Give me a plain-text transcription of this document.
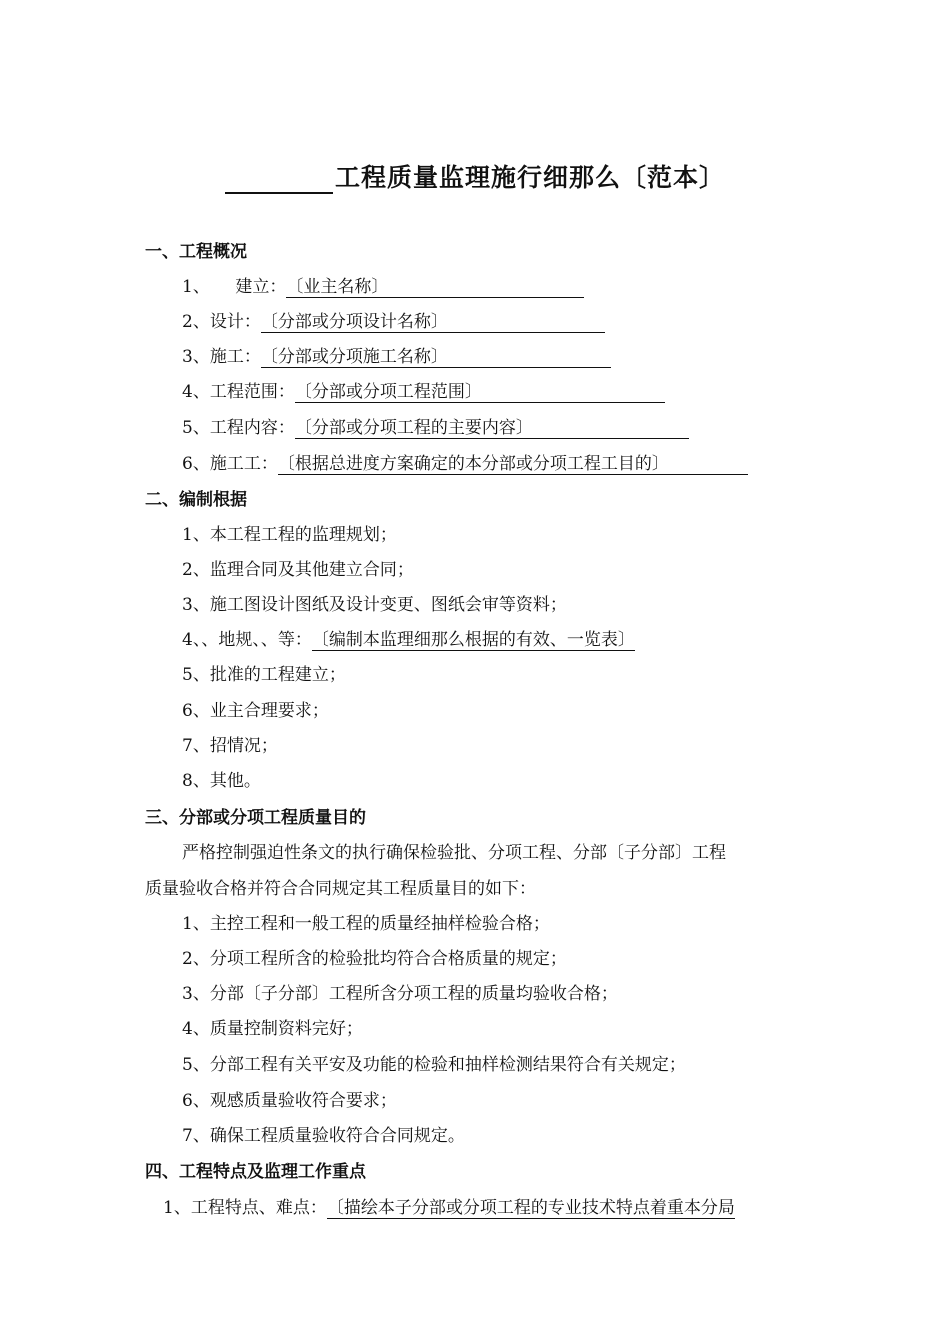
工程质量监理施行细那么〔范本〕
一、工程概况
1、　　建立：〔业主名称〕
2、设计：〔分部或分项设计名称〕
3、施工：〔分部或分项施工名称〕
4、工程范围：〔分部或分项工程范围〕
5、工程内容：〔分部或分项工程的主要内容〕
6、施工工：〔根据总进度方案确定的本分部或分项工程工目的〕
二、编制根据
1、本工程工程的监理规划；
2、监理合同及其他建立合同；
3、施工图设计图纸及设计变更、图纸会审等资料；
4、、地规、、等：〔编制本监理细那么根据的有效、一览表〕
5、批准的工程建立；
6、业主合理要求；
7、招情况；
8、其他。
三、分部或分项工程质量目的
严格控制强迫性条文的执行确保检验批、分项工程、分部〔子分部〕工程
质量验收合格并符合合同规定其工程质量目的如下：
1、主控工程和一般工程的质量经抽样检验合格；
2、分项工程所含的检验批均符合合格质量的规定；
3、分部〔子分部〕工程所含分项工程的质量均验收合格；
4、质量控制资料完好；
5、分部工程有关平安及功能的检验和抽样检测结果符合有关规定；
6、观感质量验收符合要求；
7、确保工程质量验收符合合同规定。
四、工程特点及监理工作重点
1、工程特点、难点：〔描绘本子分部或分项工程的专业技术特点着重本分局
